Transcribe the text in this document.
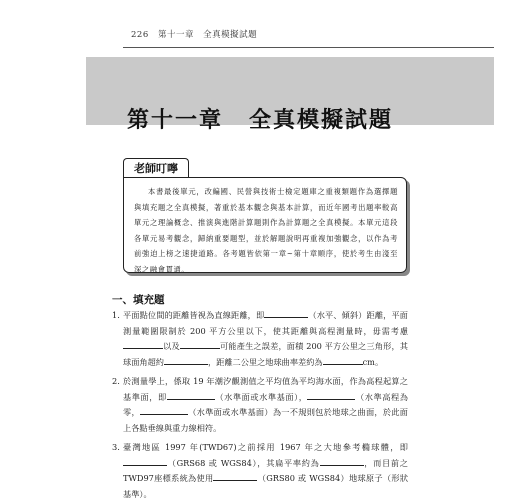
226 第十一章 全真模擬試題
第十一章 全真模擬試題
老師叮嚀
本書最後單元，改編國、民營與技術士檢定題庫之重複類題作為選擇題與填充題之全真模擬，著重於基本觀念與基本計算，而近年國考出題率較高單元之理論概念、推演與進階計算題則作為計算題之全真模擬。本單元這段各單元易考觀念，歸納重要題型，並於解題說明再重複加強觀念，以作為考前強迫上榜之速捷道路。各考題皆依第一章~第十章順序，使於考生由淺至深之融會貫通。
一、填充題
1. 平面點位間的距離皆視為直線距離，即	（水平、傾斜）距離，平面測量範圍限制於 200 平方公里以下，使其距離與高程測量時，毋需考慮以及	可能產生之誤差，面積 200 平方公里之三角形，其球面角超約	，距離二公里之地球曲率差約為	cm。
2. 於測量學上，係取 19 年潮汐觀測值之平均值為平均海水面，作為高程起算之基準面，即	（水準面或水準基面），	（水準高程為零，	（水準面或水準基面）為一不規則包於地球之曲面，於此面上各點垂線與重力線相符。
3. 臺灣地區 1997 年(TWD67)之前採用 1967 年之大地參考橢球體，即（GRS68 或 WGS84），其扁平率約為	，而目前之TWD97座標系統為使用	（GRS80 或 WGS84）地球原子（形狀基準）。
